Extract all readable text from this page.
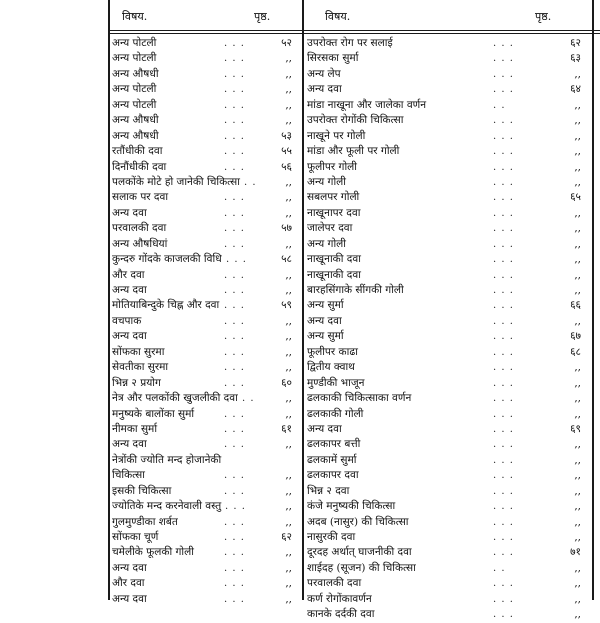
विषय.	पृष्ठ.
अन्य पोटली	. . .	५२
अन्य पोटली	. . .	,,
अन्य औषधी	. . .	,,
अन्य पोटली	. . .	,,
अन्य पोटली	. . .	,,
अन्य औषधी	. . .	,,
अन्य औषधी	. . .	५३
रतौंधीकी दवा	. . .	५५
दिनौंधीकी दवा	. . .	५६
पलकोंके मोटे हो जानेकी चिकित्सा . .	,,
सलाक पर दवा	. . .	,,
अन्य दवा	. . .	,,
परवालकी दवा	. . .	५७
अन्य औषधियां	. . .	,,
कुन्दरु गोंदके काजलकी विधि . . .	५८
और दवा	. . .	,,
अन्य दवा	. . .	,,
मोतियाबिन्दुके चिह्न और दवा . . .	५९
वचपाक	. . .	,,
अन्य दवा	. . .	,,
सोंफका सुरमा	. . .	,,
सेवतीका सुरमा	. . .	,,
भिन्न २ प्रयोग	. . .	६०
नेत्र और पलकोंकी खुजलीकी दवा . .	,,
मनुष्यके बालोंका सुर्मा	. . .	,,
नीमका सुर्मा	. . .	६१
अन्य दवा	. . .	,,
नेत्रोंकी ज्योति मन्द होजानेकी
चिकित्सा	. . .	,,
इसकी चिकित्सा	. . .	,,
ज्योतिके मन्द करनेवाली वस्तु . . .	,,
गुलमुण्डीका शर्बत	. . .	,,
सोंफका चूर्ण	. . .	६२
चमेलीके फूलकी गोली	. . .	,,
अन्य दवा	. . .	,,
और दवा	. . .	,,
अन्य दवा	. . .	,,
विषय.	पृष्ठ.
उपरोक्त रोग पर सलाई	. . .	६२
सिरसका सुर्मा	. . .	६३
अन्य लेप	. . .	,,
अन्य दवा	. . .	६४
मांडा नाखूना और जालेका वर्णन	. .	,,
उपरोक्त रोगोंकी चिकित्सा	. . .	,,
नाखूने पर गोली	. . .	,,
मांडा और फूली पर गोली	. . .	,,
फूलीपर गोली	. . .	,,
अन्य गोली	. . .	,,
सबलपर गोली	. . .	६५
नाखूनापर दवा	. . .	,,
जालेपर दवा	. . .	,,
अन्य गोली	. . .	,,
नाखूनाकी दवा	. . .	,,
नाखूनाकी दवा	. . .	,,
बारहसिंगाके सींगकी गोली	. . .	,,
अन्य सुर्मा	. . .	६६
अन्य दवा	. . .	,,
अन्य सुर्मा	. . .	६७
फूलीपर काढा	. . .	६८
द्वितीय क्वाथ	. . .	,,
मुण्डीकी भाजून	. . .	,,
ढलकाकी चिकित्साका वर्णन	. . .	,,
ढलकाकी गोली	. . .	,,
अन्य दवा	. . .	६९
ढलकापर बत्ती	. . .	,,
ढलकामें सुर्मा	. . .	,,
ढलकापर दवा	. . .	,,
भिन्न २ दवा	. . .	,,
कंजे मनुष्यकी चिकित्सा	. . .	,,
अदब (नासुर) की चिकित्सा	. . .	,,
नासुरकी दवा	. . .	,,
दूरदह अर्थात् घाजनीकी दवा	. . .	७१
शाईदह (सूजन) की चिकित्सा	. .	,,
परवालकी दवा	. . .	,,
कर्ण रोगोंकावर्णन	. . .	,,
कानके दर्दकी दवा	. . .	,,
